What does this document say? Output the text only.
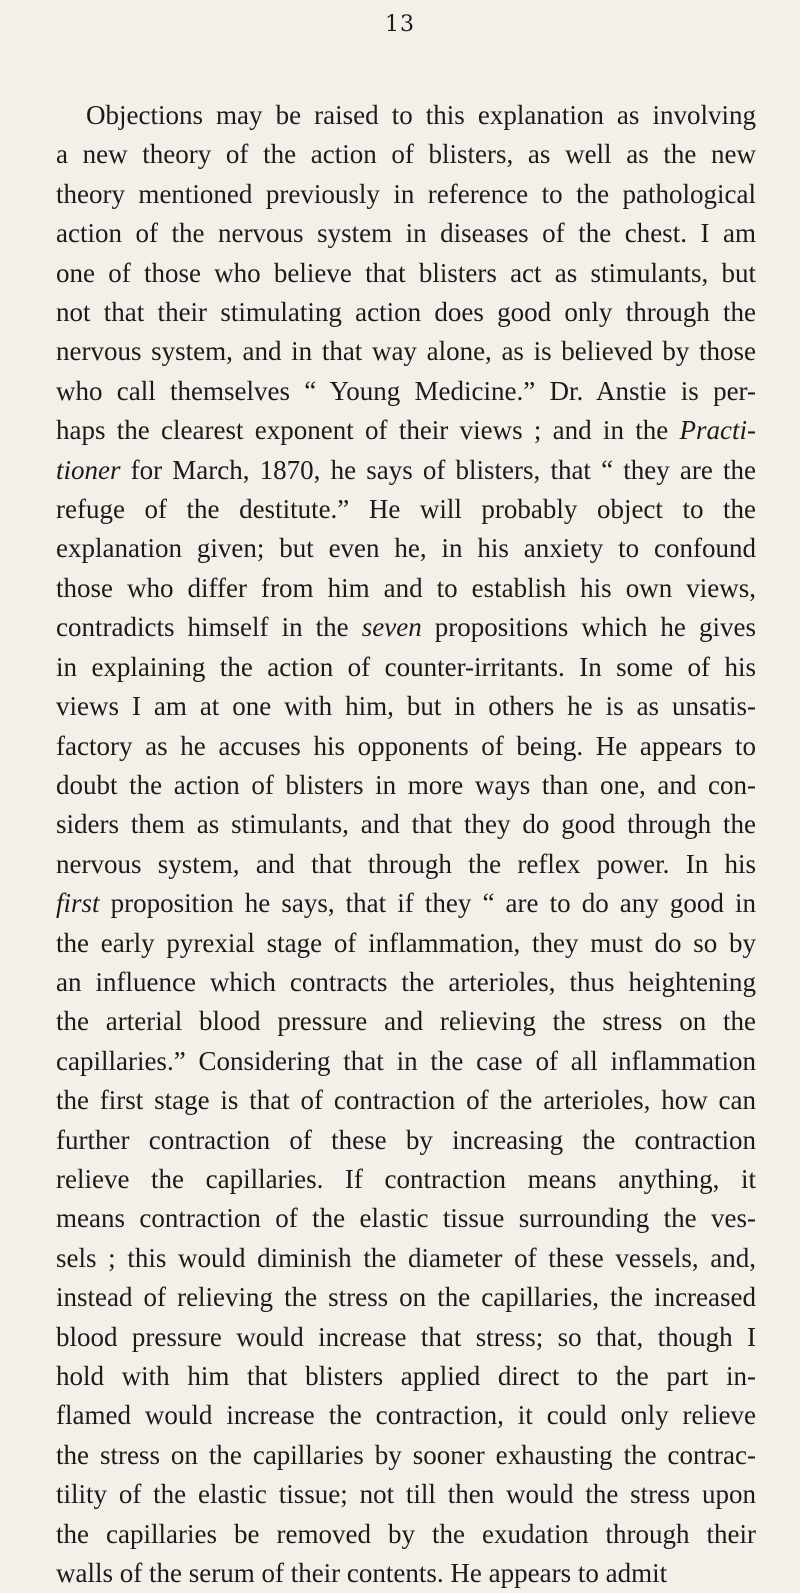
13
Objections may be raised to this explanation as involving
a new theory of the action of blisters, as well as the new
theory mentioned previously in reference to the pathological
action of the nervous system in diseases of the chest. I am
one of those who believe that blisters act as stimulants, but
not that their stimulating action does good only through the
nervous system, and in that way alone, as is believed by those
who call themselves “ Young Medicine.” Dr. Anstie is per-
haps the clearest exponent of their views ; and in the Practi-
tioner for March, 1870, he says of blisters, that “ they are the
refuge of the destitute.” He will probably object to the
explanation given; but even he, in his anxiety to confound
those who differ from him and to establish his own views,
contradicts himself in the seven propositions which he gives
in explaining the action of counter-irritants. In some of his
views I am at one with him, but in others he is as unsatis-
factory as he accuses his opponents of being. He appears to
doubt the action of blisters in more ways than one, and con-
siders them as stimulants, and that they do good through the
nervous system, and that through the reflex power. In his
first proposition he says, that if they “ are to do any good in
the early pyrexial stage of inflammation, they must do so by
an influence which contracts the arterioles, thus heightening
the arterial blood pressure and relieving the stress on the
capillaries.” Considering that in the case of all inflammation
the first stage is that of contraction of the arterioles, how can
further contraction of these by increasing the contraction
relieve the capillaries. If contraction means anything, it
means contraction of the elastic tissue surrounding the ves-
sels ; this would diminish the diameter of these vessels, and,
instead of relieving the stress on the capillaries, the increased
blood pressure would increase that stress; so that, though I
hold with him that blisters applied direct to the part in-
flamed would increase the contraction, it could only relieve
the stress on the capillaries by sooner exhausting the contrac-
tility of the elastic tissue; not till then would the stress upon
the capillaries be removed by the exudation through their
walls of the serum of their contents. He appears to admit
